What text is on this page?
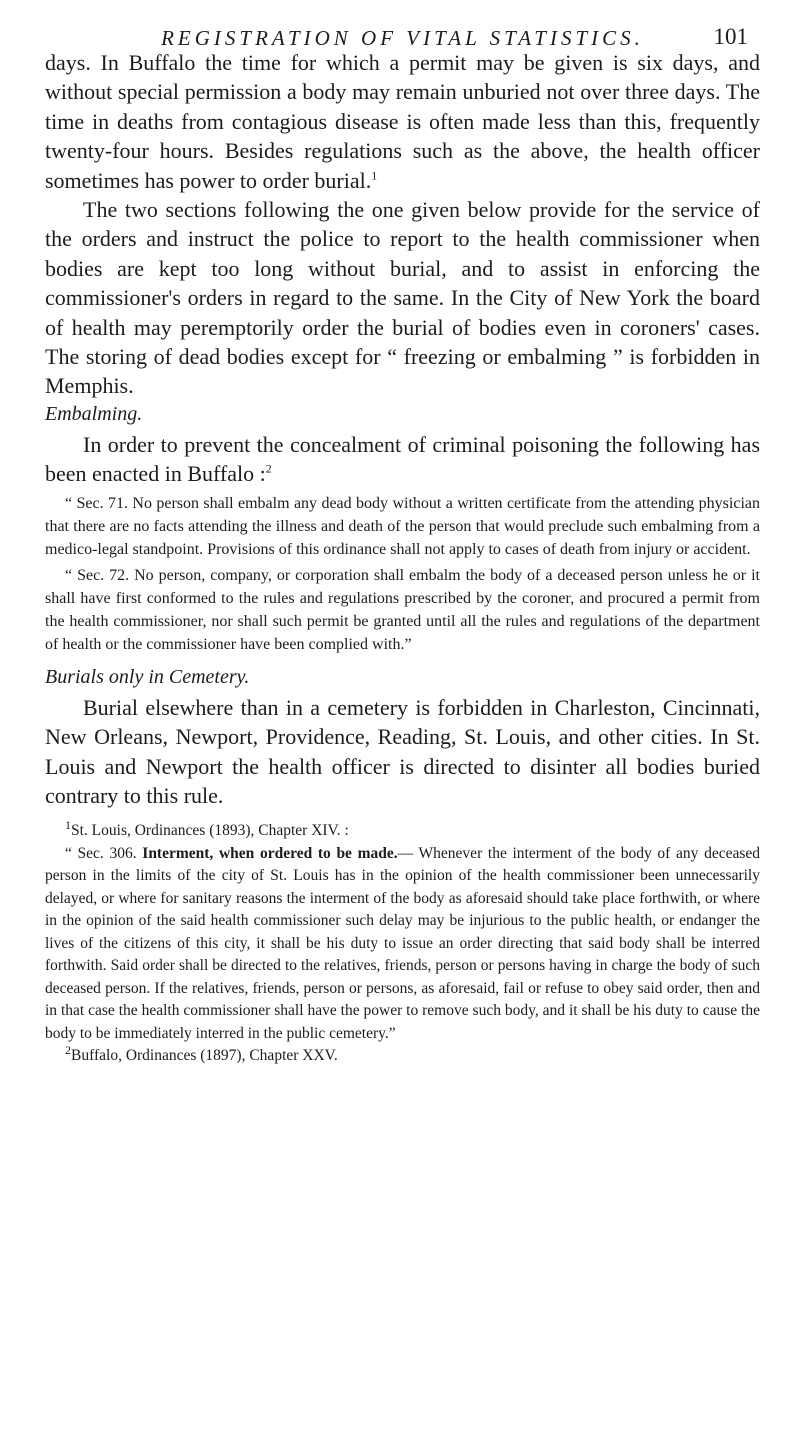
REGISTRATION OF VITAL STATISTICS.	101

days. In Buffalo the time for which a permit may be given is six days, and without special permission a body may remain unburied not over three days. The time in deaths from contagious disease is often made less than this, frequently twenty-four hours. Besides regulations such as the above, the health officer sometimes has power to order burial.$^1$

The two sections following the one given below provide for the service of the orders and instruct the police to report to the health commissioner when bodies are kept too long without burial, and to assist in enforcing the commissioner's orders in regard to the same. In the City of New York the board of health may peremptorily order the burial of bodies even in coroners' cases. The storing of dead bodies except for “ freezing or embalming ” is forbidden in Memphis.

Embalming.

In order to prevent the concealment of criminal poisoning the following has been enacted in Buffalo :$^2$

“ Sec. 71. No person shall embalm any dead body without a written certificate from the attending physician that there are no facts attending the illness and death of the person that would preclude such embalming from a medico-legal standpoint. Provisions of this ordinance shall not apply to cases of death from injury or accident.

“ Sec. 72. No person, company, or corporation shall embalm the body of a deceased person unless he or it shall have first conformed to the rules and regulations prescribed by the coroner, and procured a permit from the health commissioner, nor shall such permit be granted until all the rules and regulations of the department of health or the commissioner have been complied with.”

Burials only in Cemetery.

Burial elsewhere than in a cemetery is forbidden in Charleston, Cincinnati, New Orleans, Newport, Providence, Reading, St. Louis, and other cities. In St. Louis and Newport the health officer is directed to disinter all bodies buried contrary to this rule.

$^1$St. Louis, Ordinances (1893), Chapter XIV. :

“ Sec. 306. Interment, when ordered to be made.— Whenever the interment of the body of any deceased person in the limits of the city of St. Louis has in the opinion of the health commissioner been unnecessarily delayed, or where for sanitary reasons the interment of the body as aforesaid should take place forthwith, or where in the opinion of the said health commissioner such delay may be injurious to the public health, or endanger the lives of the citizens of this city, it shall be his duty to issue an order directing that said body shall be interred forthwith. Said order shall be directed to the relatives, friends, person or persons having in charge the body of such deceased person. If the relatives, friends, person or persons, as aforesaid, fail or refuse to obey said order, then and in that case the health commissioner shall have the power to remove such body, and it shall be his duty to cause the body to be immediately interred in the public cemetery.”

$^2$Buffalo, Ordinances (1897), Chapter XXV.
